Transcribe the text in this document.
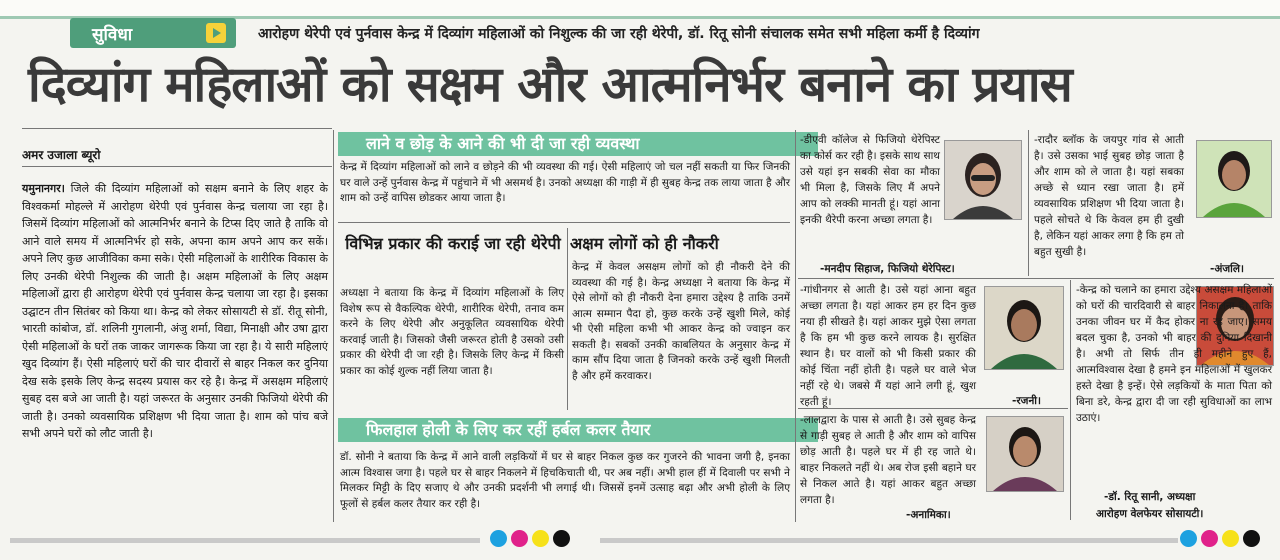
सुविधा	आरोहण थेरेपी एवं पुर्नवास केन्द्र में दिव्यांग महिलाओं को निशुल्क की जा रही थेरेपी, डॉ. रितू सोनी संचालक समेत सभी महिला कर्मी है दिव्यांग
दिव्यांग महिलाओं को सक्षम और आत्मनिर्भर बनाने का प्रयास
अमर उजाला ब्यूरो
यमुनानगर। जिले की दिव्यांग महिलाओं को सक्षम बनाने के लिए शहर के विश्वकर्मा मोहल्ले में आरोहण थेरेपी एवं पुर्नवास केन्द्र चलाया जा रहा है। जिसमें दिव्यांग महिलाओं को आत्मनिर्भर बनाने के टिप्स दिए जाते है ताकि वो आने वाले समय में आत्मनिर्भर हो सके, अपना काम अपने आप कर सकें। अपने लिए कुछ आजीविका कमा सके। ऐसी महिलाओं के शारीरिक विकास के लिए उनकी थेरेपी निशुल्क की जाती है। अक्षम महिलाओं के लिए अक्षम महिलाओं द्वारा ही आरोहण थेरेपी एवं पुर्नवास केन्द्र चलाया जा रहा है। इसका उद्घाटन तीन सितंबर को किया था। केन्द्र को लेकर सोसायटी से डॉ. रीतू सोनी, भारती कांबोज, डॉ. शलिनी गुगलानी, अंजु शर्मा, विद्या, मिनाक्षी और उषा द्वारा ऐसी महिलाओं के घरों तक जाकर जागरूक किया जा रहा है। ये सारी महिलाएं खुद दिव्यांग हैं। ऐसी महिलाएं घरों की चार दीवारों से बाहर निकल कर दुनिया देख सके इसके लिए केन्द्र सदस्य प्रयास कर रहे है। केन्द्र में असक्षम महिलाएं सुबह दस बजे आ जाती है। यहां जरूरत के अनुसार उनकी फिजियो थेरेपी की जाती है। उनको व्यवसायिक प्रशिक्षण भी दिया जाता है। शाम को पांच बजे सभी अपने घरों को लौट जाती है।
लाने व छोड़ के आने की भी दी जा रही व्यवस्था
केन्द्र में दिव्यांग महिलाओं को लाने व छोड़ने की भी व्यवस्था की गई। ऐसी महिलाएं जो चल नहीं सकती या फिर जिनकी घर वाले उन्हें पुर्नवास केन्द्र में पहुंचाने में भी असमर्थ है। उनको अध्यक्षा की गाड़ी में ही सुबह केन्द्र तक लाया जाता है और शाम को उन्हें वापिस छोडकर आया जाता है।
विभिन्न प्रकार की कराई जा रही थेरेपी
अध्यक्षा ने बताया कि केन्द्र में दिव्यांग महिलाओं के लिए विशेष रूप से वैकल्पिक थेरेपी, शारीरिक थेरेपी, तनाव कम करने के लिए थेरेपी और अनुकूलित व्यवसायिक थेरेपी करवाई जाती है। जिसको जैसी जरूरत होती है उसको उसी प्रकार की थेरेपी दी जा रही है। जिसके लिए केन्द्र में किसी प्रकार का कोई शुल्क नहीं लिया जाता है।
अक्षम लोगों को ही नौकरी
केन्द्र में केवल असक्षम लोगों को ही नौकरी देने की व्यवस्था की गई है। केन्द्र अध्यक्षा ने बताया कि केन्द्र में ऐसे लोगों को ही नौकरी देना हमारा उद्देश्य है ताकि उनमें आत्म सम्मान पैदा हो, कुछ करके उन्हें खुशी मिले, कोई भी ऐसी महिला कभी भी आकर केन्द्र को ज्वाइन कर सकती है। सबकों उनकी काबलियत के अनुसार केन्द्र में काम सौंप दिया जाता है जिनको करके उन्हें खुशी मिलती है और हमें करवाकर।
फिलहाल होली के लिए कर रहीं हर्बल कलर तैयार
डॉ. सोनी ने बताया कि केन्द्र में आने वाली लड़कियों में घर से बाहर निकल कुछ कर गुजरने की भावना जगी है, इनका आत्म विश्वास जगा है। पहले घर से बाहर निकलने में हिचकिचाती थी, पर अब नहीं। अभी हाल हीं में दिवाली पर सभी ने मिलकर मिट्टी के दिए सजाए थे और उनकी प्रदर्शनी भी लगाई थी। जिससें इनमें उत्साह बढ़ा और अभी होली के लिए फूलों से हर्बल कलर तैयार कर रही है।
-डीएवी कॉलेज से फिजियो थेरेपिस्ट का कोर्स कर रही है। इसके साथ साथ उसे यहां इन सबकी सेवा का मौका भी मिला है, जिसके लिए मैं अपने आप को लक्की मानती हूं। यहां आना इनकी थैरेपी करना अच्छा लगता है।
-मनदीप सिहाज, फिजियो थेरेपिस्ट।
-रादौर ब्लॉक के जयपुर गांव से आती है। उसे उसका भाई सुबह छोड़ जाता है और शाम को ले जाता है। यहां सबका अच्छे से ध्यान रखा जाता है। हमें व्यवसायिक प्रशिक्षण भी दिया जाता है। पहले सोचते थे कि केवल हम ही दुखी है, लेकिन यहां आकर लगा है कि हम तो बहुत सुखी है।
-अंजलि।
-गांधीनगर से आती है। उसे यहां आना बहुत अच्छा लगता है। यहां आकर हम हर दिन कुछ नया ही सीखते है। यहां आकर मुझे ऐसा लगता है कि हम भी कुछ करने लायक है। सुरक्षित स्थान है। घर वालों को भी किसी प्रकार की कोई चिंता नहीं होती है। पहले घर वाले भेज नहीं रहे थे। जबसे मैं यहां आने लगी हूं, खुश रहती हूं।	-रजनी।
-केन्द्र को चलाने का हमारा उद्देश्य असक्षम महिलाओं को घरों की चारदिवारी से बाहर निकालना है। ताकि उनका जीवन घर में कैद होकर ना रह जाए। समय बदल चुका है, उनको भी बाहर की दुनिया दिखानी है। अभी तो सिर्फ तीन ही महीने हुए हैं, आत्मविश्वास देखा है हमने इन महिलाओं में खुलकर हस्ते देखा है इन्हें। ऐसे लड़कियों के माता पिता को बिना डरे, केन्द्र द्वारा दी जा रही सुविधाओं का लाभ उठाएं।
-डॉ. रितू सानी, अध्यक्षा
आरोहण वेलफेयर सोसायटी।
-लालद्वारा के पास से आती है। उसे सुबह केन्द्र से गाड़ी सुबह ले आती है और शाम को वापिस छोड़ आती है। पहले घर में ही रह जाते थे। बाहर निकलते नहीं थे। अब रोज इसी बहाने घर से निकल आते है। यहां आकर बहुत अच्छा लगता है।
-अनामिका।
